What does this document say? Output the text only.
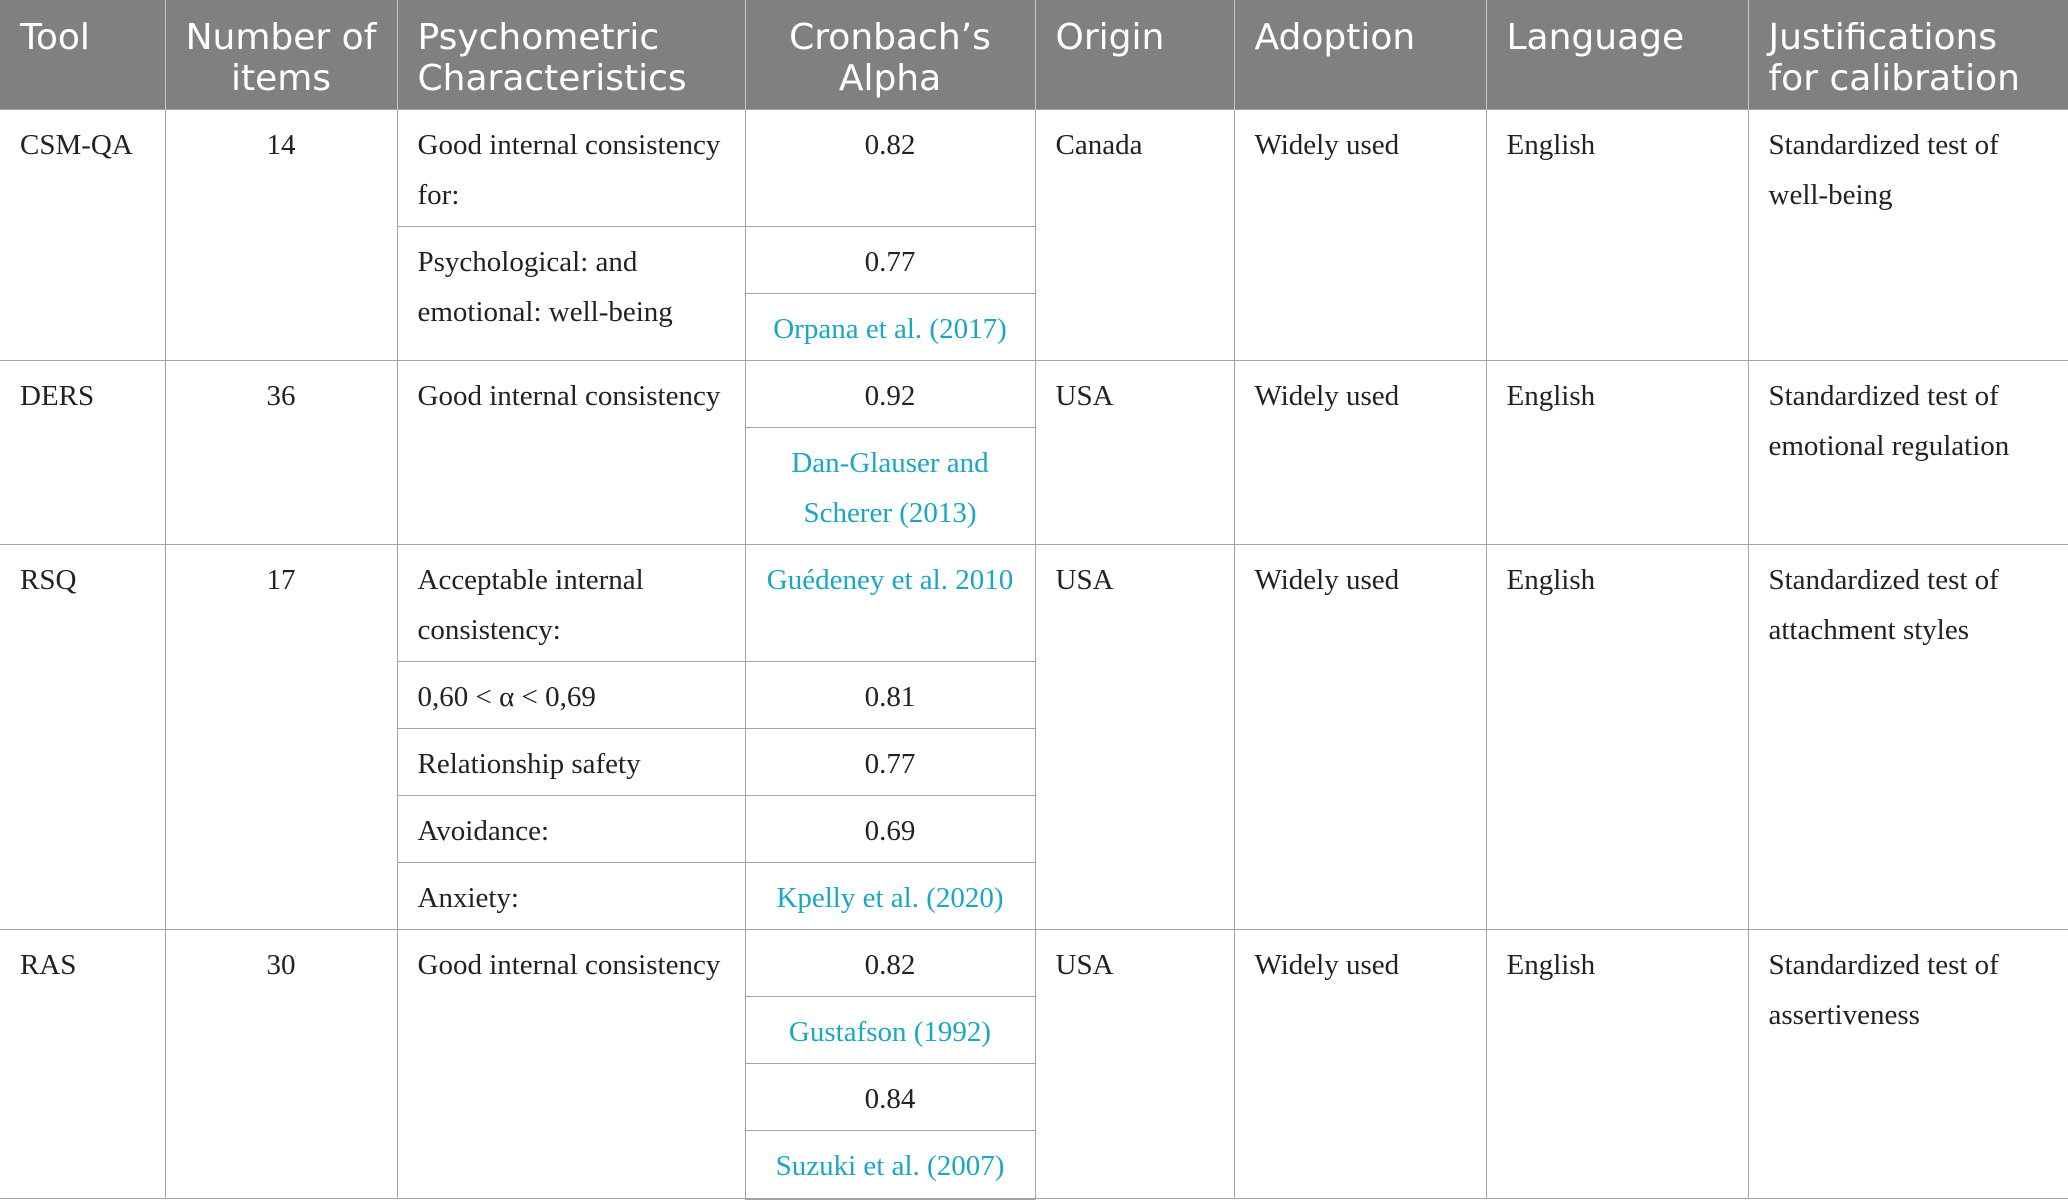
Tool	Number of items	Psychometric Characteristics	Cronbach’s Alpha	Origin	Adoption	Language	Justifications for calibration
CSM-QA	14	Good internal consistency for:	0.82	Canada	Widely used	English	Standardized test of well-being
		Psychological: and emotional: well-being	0.77				
			Orpana et al. (2017)				
DERS	36	Good internal consistency	0.92	USA	Widely used	English	Standardized test of emotional regulation
			Dan-Glauser and Scherer (2013)				
RSQ	17	Acceptable internal consistency:	Guédeney et al. 2010	USA	Widely used	English	Standardized test of attachment styles
		0,60 < α < 0,69	0.81				
		Relationship safety	0.77				
		Avoidance:	0.69				
		Anxiety:	Kpelly et al. (2020)				
RAS	30	Good internal consistency	0.82	USA	Widely used	English	Standardized test of assertiveness
			Gustafson (1992)				
			0.84				
			Suzuki et al. (2007)				
